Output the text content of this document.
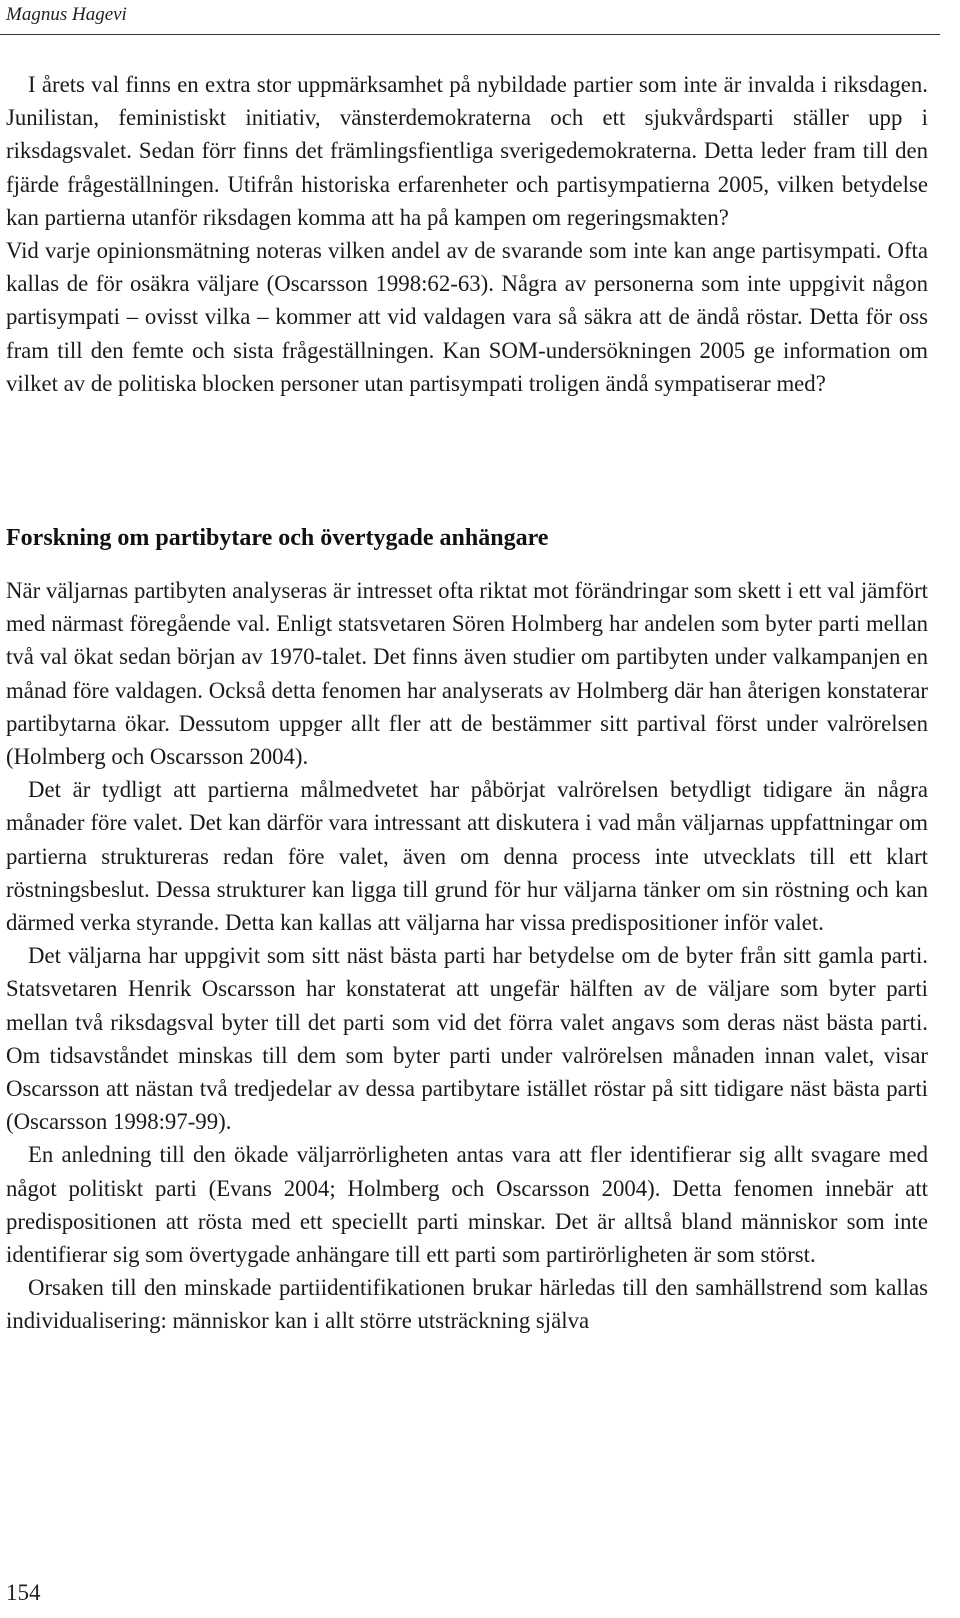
Magnus Hagevi

I årets val finns en extra stor uppmärksamhet på nybildade partier som inte är invalda i riksdagen. Junilistan, feministiskt initiativ, vänsterdemokraterna och ett sjukvårdsparti ställer upp i riksdagsvalet. Sedan förr finns det främlingsfientliga sverigedemokraterna. Detta leder fram till den fjärde frågeställningen. Utifrån historiska erfarenheter och partisympatierna 2005, vilken betydelse kan partierna utanför riksdagen komma att ha på kampen om regeringsmakten?

Vid varje opinionsmätning noteras vilken andel av de svarande som inte kan ange partisympati. Ofta kallas de för osäkra väljare (Oscarsson 1998:62-63). Några av personerna som inte uppgivit någon partisympati – ovisst vilka – kommer att vid valdagen vara så säkra att de ändå röstar. Detta för oss fram till den femte och sista frågeställningen. Kan SOM-undersökningen 2005 ge information om vilket av de politiska blocken personer utan partisympati troligen ändå sympatiserar med?

Forskning om partibytare och övertygade anhängare

När väljarnas partibyten analyseras är intresset ofta riktat mot förändringar som skett i ett val jämfört med närmast föregående val. Enligt statsvetaren Sören Holmberg har andelen som byter parti mellan två val ökat sedan början av 1970-talet. Det finns även studier om partibyten under valkampanjen en månad före valdagen. Också detta fenomen har analyserats av Holmberg där han återigen konstaterar partibytarna ökar. Dessutom uppger allt fler att de bestämmer sitt partival först under valrörelsen (Holmberg och Oscarsson 2004).

Det är tydligt att partierna målmedvetet har påbörjat valrörelsen betydligt tidigare än några månader före valet. Det kan därför vara intressant att diskutera i vad mån väljarnas uppfattningar om partierna struktureras redan före valet, även om denna process inte utvecklats till ett klart röstningsbeslut. Dessa strukturer kan ligga till grund för hur väljarna tänker om sin röstning och kan därmed verka styrande. Detta kan kallas att väljarna har vissa predispositioner inför valet.

Det väljarna har uppgivit som sitt näst bästa parti har betydelse om de byter från sitt gamla parti. Statsvetaren Henrik Oscarsson har konstaterat att ungefär hälften av de väljare som byter parti mellan två riksdagsval byter till det parti som vid det förra valet angavs som deras näst bästa parti. Om tidsavståndet minskas till dem som byter parti under valrörelsen månaden innan valet, visar Oscarsson att nästan två tredjedelar av dessa partibytare istället röstar på sitt tidigare näst bästa parti (Oscarsson 1998:97-99).

En anledning till den ökade väljarrörligheten antas vara att fler identifierar sig allt svagare med något politiskt parti (Evans 2004; Holmberg och Oscarsson 2004). Detta fenomen innebär att predispositionen att rösta med ett speciellt parti minskar. Det är alltså bland människor som inte identifierar sig som övertygade anhängare till ett parti som partirörligheten är som störst.

Orsaken till den minskade partiidentifikationen brukar härledas till den samhällstrend som kallas individualisering: människor kan i allt större utsträckning själva

154
